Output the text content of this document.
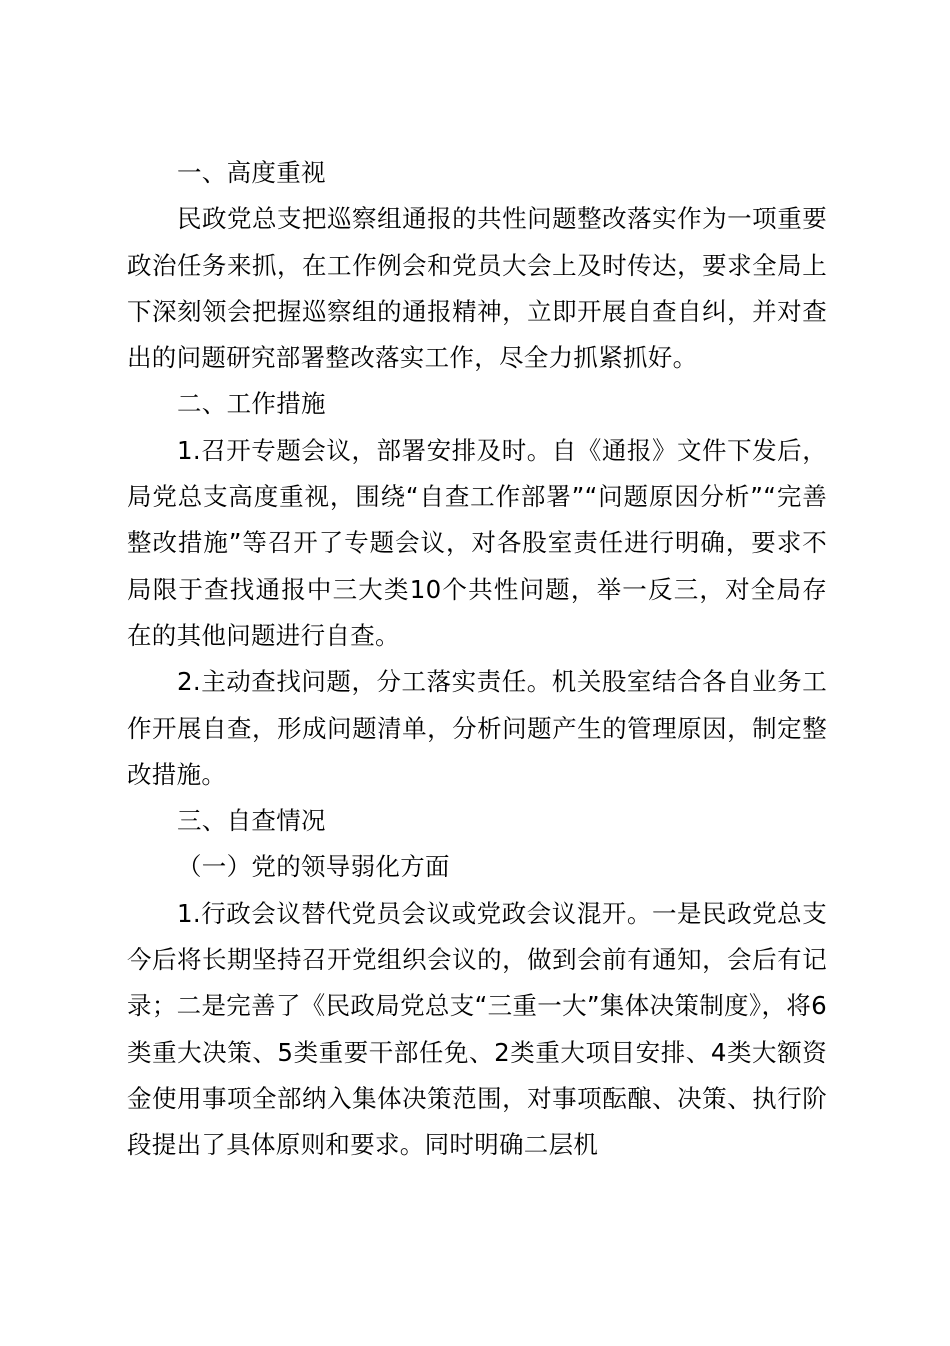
一、高度重视

民政党总支把巡察组通报的共性问题整改落实作为一项重要政治任务来抓，在工作例会和党员大会上及时传达，要求全局上下深刻领会把握巡察组的通报精神，立即开展自查自纠，并对查出的问题研究部署整改落实工作，尽全力抓紧抓好。

二、工作措施

1.召开专题会议，部署安排及时。自《通报》文件下发后，局党总支高度重视，围绕“自查工作部署”“问题原因分析”“完善整改措施”等召开了专题会议，对各股室责任进行明确，要求不局限于查找通报中三大类10个共性问题，举一反三，对全局存在的其他问题进行自查。

2.主动查找问题，分工落实责任。机关股室结合各自业务工作开展自查，形成问题清单，分析问题产生的管理原因，制定整改措施。

三、自查情况

（一）党的领导弱化方面

1.行政会议替代党员会议或党政会议混开。一是民政党总支今后将长期坚持召开党组织会议的，做到会前有通知，会后有记录；二是完善了《民政局党总支“三重一大”集体决策制度》，将6类重大决策、5类重要干部任免、2类重大项目安排、4类大额资金使用事项全部纳入集体决策范围，对事项酝酿、决策、执行阶段提出了具体原则和要求。同时明确二层机
